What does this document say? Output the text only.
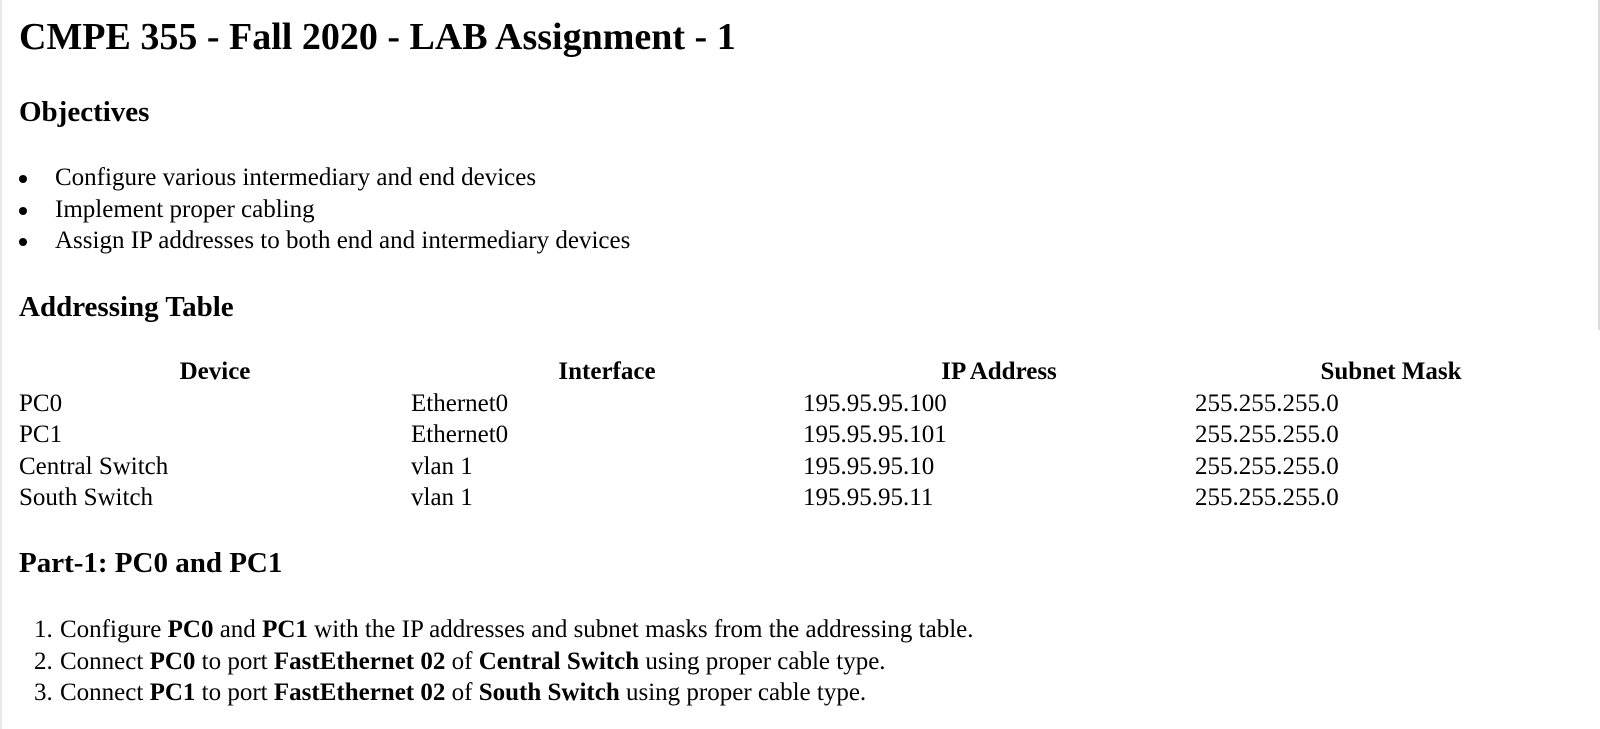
CMPE 355 - Fall 2020 - LAB Assignment - 1
Objectives
Configure various intermediary and end devices
Implement proper cabling
Assign IP addresses to both end and intermediary devices
Addressing Table
Device	Interface	IP Address	Subnet Mask
PC0	Ethernet0	195.95.95.100	255.255.255.0
PC1	Ethernet0	195.95.95.101	255.255.255.0
Central Switch	vlan 1	195.95.95.10	255.255.255.0
South Switch	vlan 1	195.95.95.11	255.255.255.0
Part-1: PC0 and PC1
1. Configure PC0 and PC1 with the IP addresses and subnet masks from the addressing table.
2. Connect PC0 to port FastEthernet 02 of Central Switch using proper cable type.
3. Connect PC1 to port FastEthernet 02 of South Switch using proper cable type.
